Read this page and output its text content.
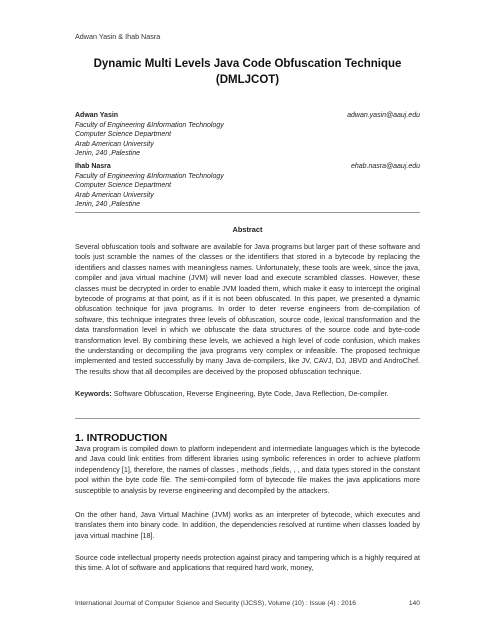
Adwan Yasin & Ihab Nasra
Dynamic Multi Levels Java Code Obfuscation Technique
(DMLJCOT)
Adwan Yasin	adwan.yasin@aauj.edu
Faculty of Engineering &Information Technology
Computer Science Department
Arab American University
Jenin, 240 ,Palestine
Ihab Nasra	ehab.nasra@aauj.edu
Faculty of Engineering &Information Technology
Computer Science Department
Arab American University
Jenin, 240 ,Palestine
Abstract
Several obfuscation tools and software are available for Java programs but larger part of these software and tools just scramble the names of the classes or the identifiers that stored in a bytecode by replacing the identifiers and classes names with meaningless names. Unfortunately, these tools are week, since the java, compiler and java virtual machine (JVM) will never load and execute scrambled classes. However, these classes must be decrypted in order to enable JVM loaded them, which make it easy to intercept the original bytecode of programs at that point, as if it is not been obfuscated. In this paper, we presented a dynamic obfuscation technique for java programs. In order to deter reverse engineers from de-compilation of software, this technique integrates three levels of obfuscation, source code, lexical transformation and the data transformation level in which we obfuscate the data structures of the source code and byte-code transformation level. By combining these levels, we achieved a high level of code confusion, which makes the understanding or decompiling the java programs very complex or infeasible. The proposed technique implemented and tested successfully by many Java de-compilers, like JV, CAVJ, DJ, JBVD and AndroChef. The results show that all decompiles are deceived by the proposed obfuscation technique.
Keywords: Software Obfuscation, Reverse Engineering, Byte Code, Java Reflection, De-compiler.
1. INTRODUCTION
Java program is compiled down to platform independent and intermediate languages which is the bytecode and Java could link entities from different libraries using symbolic references in order to achieve platform independency [1], therefore, the names of classes , methods ,fields, , , and data types stored in the constant pool within the byte code file. The semi-compiled form of bytecode file makes the java applications more susceptible to analysis by reverse engineering and decompiled by the attackers.
On the other hand, Java Virtual Machine (JVM) works as an interpreter of bytecode, which executes and translates them into binary code. In addition, the dependencies resolved at runtime when classes loaded by java virtual machine [18].
Source code intellectual property needs protection against piracy and tampering which is a highly required at this time. A lot of software and applications that required hard work, money,
International Journal of Computer Science and Security (IJCSS), Volume (10) : Issue (4) : 2016	140
